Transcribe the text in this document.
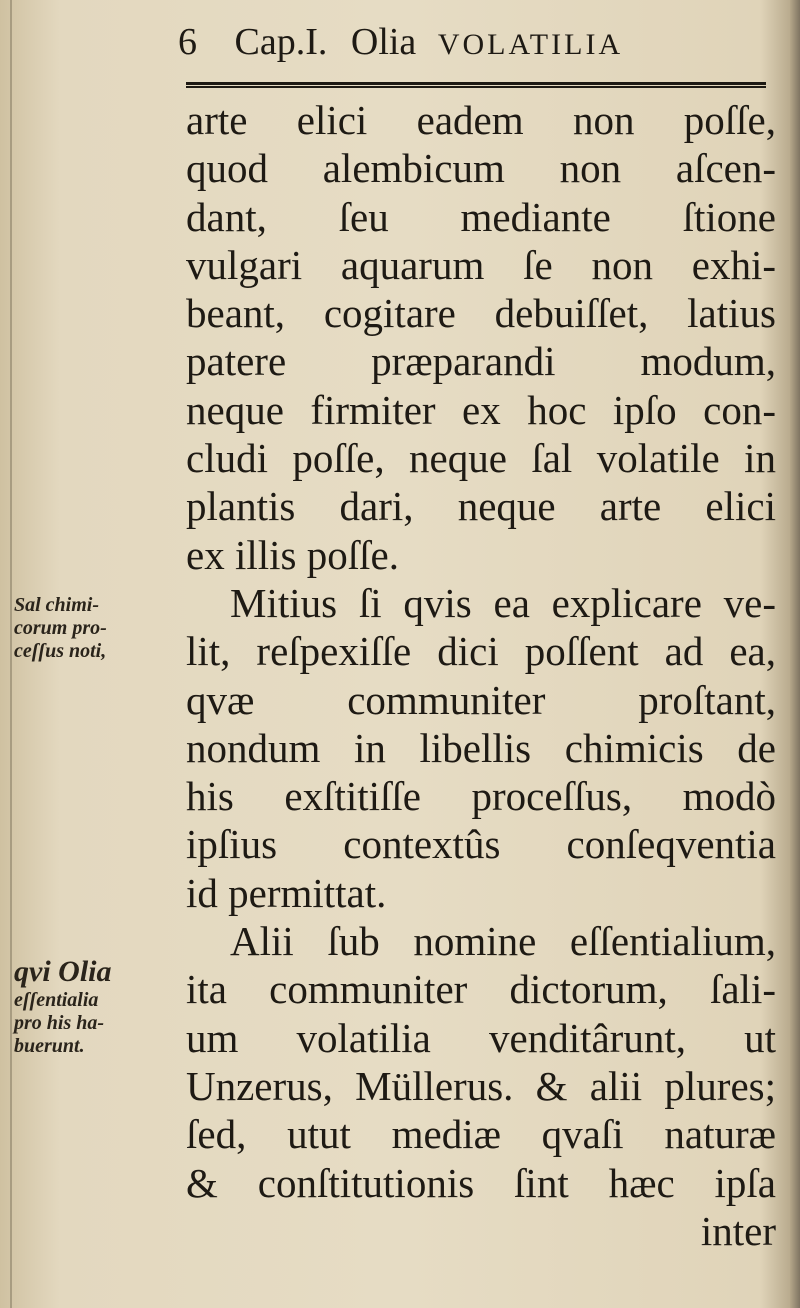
6 Cap.I. Olia VOLATILIA
arte elici eadem non poſſe,
quod alembicum non aſcen-
dant, ſeu mediante ſtione
vulgari aquarum ſe non exhi-
beant, cogitare debuiſſet, latius
patere præparandi modum,
neque firmiter ex hoc ipſo con-
cludi poſſe, neque ſal volatile in
plantis dari, neque arte elici
ex illis poſſe.
Mitius ſi qvis ea explicare ve-
lit, reſpexiſſe dici poſſent ad ea,
qvæ communiter proſtant,
nondum in libellis chimicis de
his exſtitiſſe proceſſus, modò
ipſius contextûs conſeqventia
id permittat.
Alii ſub nomine eſſentialium,
ita communiter dictorum, ſali-
um volatilia venditârunt, ut
Unzerus, Müllerus. & alii plures;
ſed, utut mediæ qvaſi naturæ
& conſtitutionis ſint hæc ipſa
inter
Sal chimi-
corum pro-
ceſſus noti,
qvi Olia
eſſentialia
pro his ha-
buerunt.
